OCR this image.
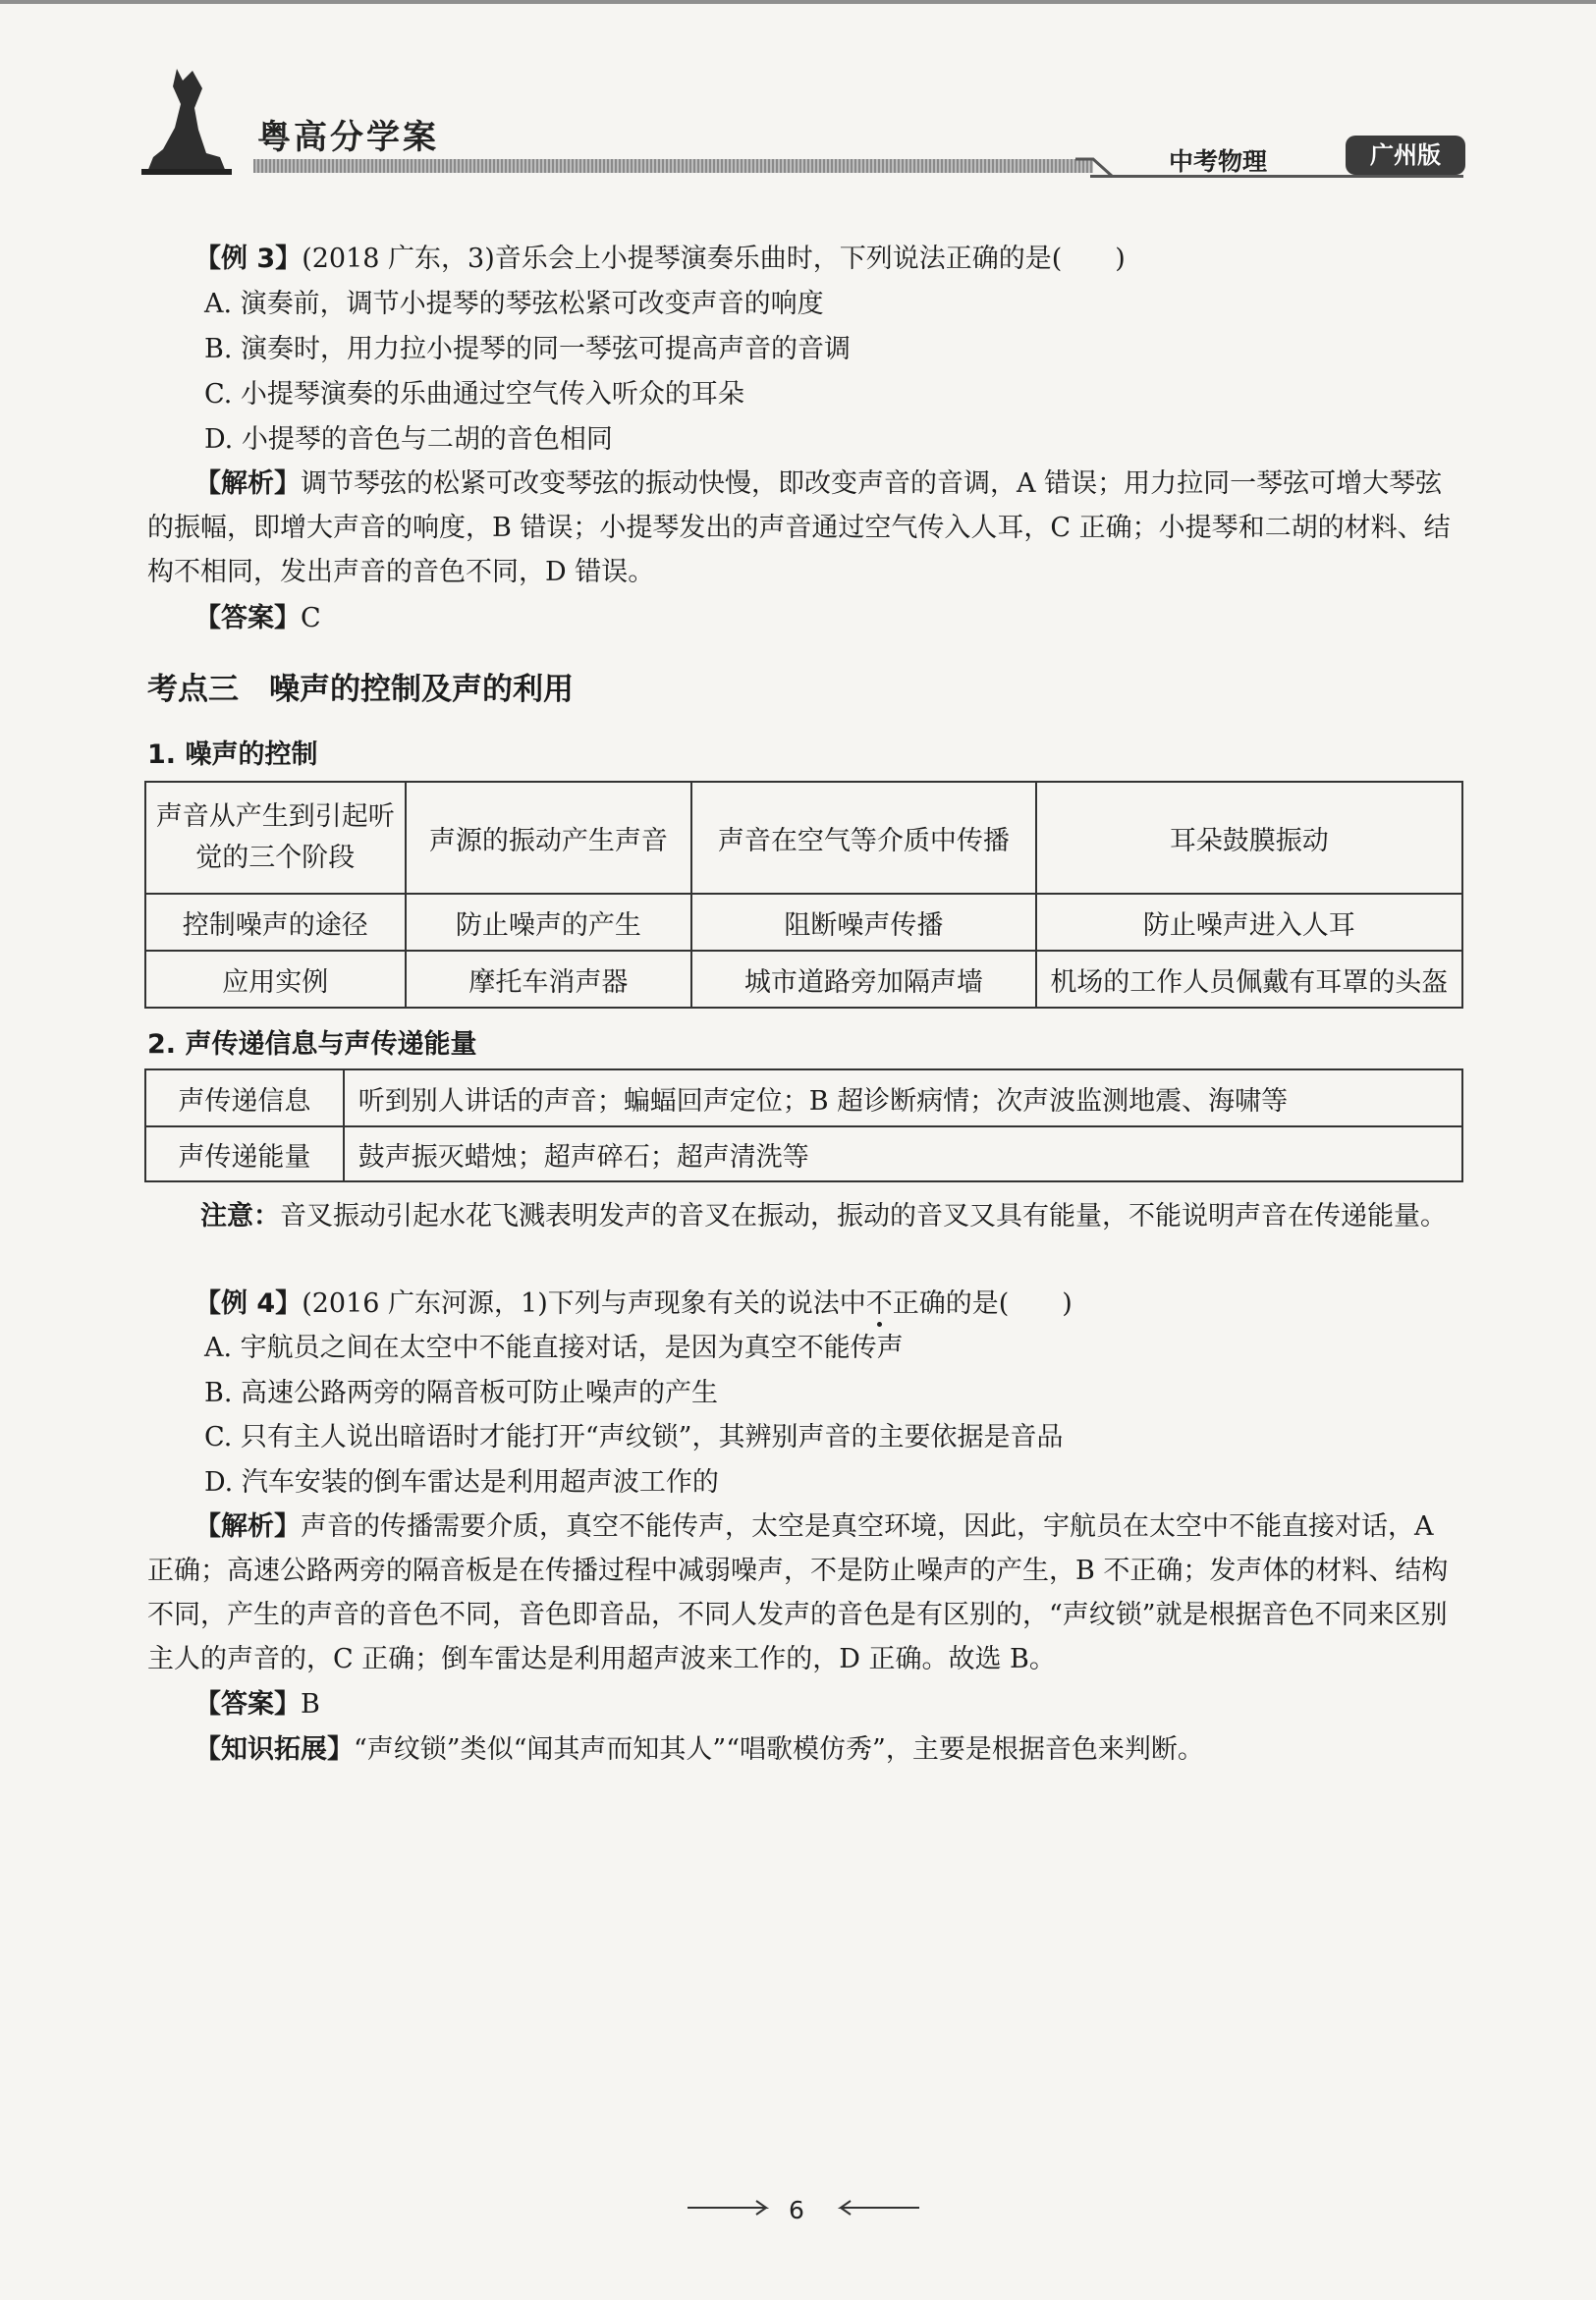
粤高分学案
中考物理	广州版
【例 3】(2018 广东，3)音乐会上小提琴演奏乐曲时，下列说法正确的是(　　)
A. 演奏前，调节小提琴的琴弦松紧可改变声音的响度
B. 演奏时，用力拉小提琴的同一琴弦可提高声音的音调
C. 小提琴演奏的乐曲通过空气传入听众的耳朵
D. 小提琴的音色与二胡的音色相同
【解析】调节琴弦的松紧可改变琴弦的振动快慢，即改变声音的音调，A 错误；用力拉同一琴弦可增大琴弦的振幅，即增大声音的响度，B 错误；小提琴发出的声音通过空气传入人耳，C 正确；小提琴和二胡的材料、结构不相同，发出声音的音色不同，D 错误。
【答案】C
考点三　噪声的控制及声的利用
1. 噪声的控制
声音从产生到引起听觉的三个阶段	声源的振动产生声音	声音在空气等介质中传播	耳朵鼓膜振动
控制噪声的途径	防止噪声的产生	阻断噪声传播	防止噪声进入人耳
应用实例	摩托车消声器	城市道路旁加隔声墙	机场的工作人员佩戴有耳罩的头盔
2. 声传递信息与声传递能量
声传递信息	听到别人讲话的声音；蝙蝠回声定位；B 超诊断病情；次声波监测地震、海啸等
声传递能量	鼓声振灭蜡烛；超声碎石；超声清洗等
注意：音叉振动引起水花飞溅表明发声的音叉在振动，振动的音叉又具有能量，不能说明声音在传递能量。
【例 4】(2016 广东河源，1)下列与声现象有关的说法中不正确的是(　　)
A. 宇航员之间在太空中不能直接对话，是因为真空不能传声
B. 高速公路两旁的隔音板可防止噪声的产生
C. 只有主人说出暗语时才能打开“声纹锁”，其辨别声音的主要依据是音品
D. 汽车安装的倒车雷达是利用超声波工作的
【解析】声音的传播需要介质，真空不能传声，太空是真空环境，因此，宇航员在太空中不能直接对话，A 正确；高速公路两旁的隔音板是在传播过程中减弱噪声，不是防止噪声的产生，B 不正确；发声体的材料、结构不同，产生的声音的音色不同，音色即音品，不同人发声的音色是有区别的，“声纹锁”就是根据音色不同来区别主人的声音的，C 正确；倒车雷达是利用超声波来工作的，D 正确。故选 B。
【答案】B
【知识拓展】“声纹锁”类似“闻其声而知其人”“唱歌模仿秀”，主要是根据音色来判断。
6
